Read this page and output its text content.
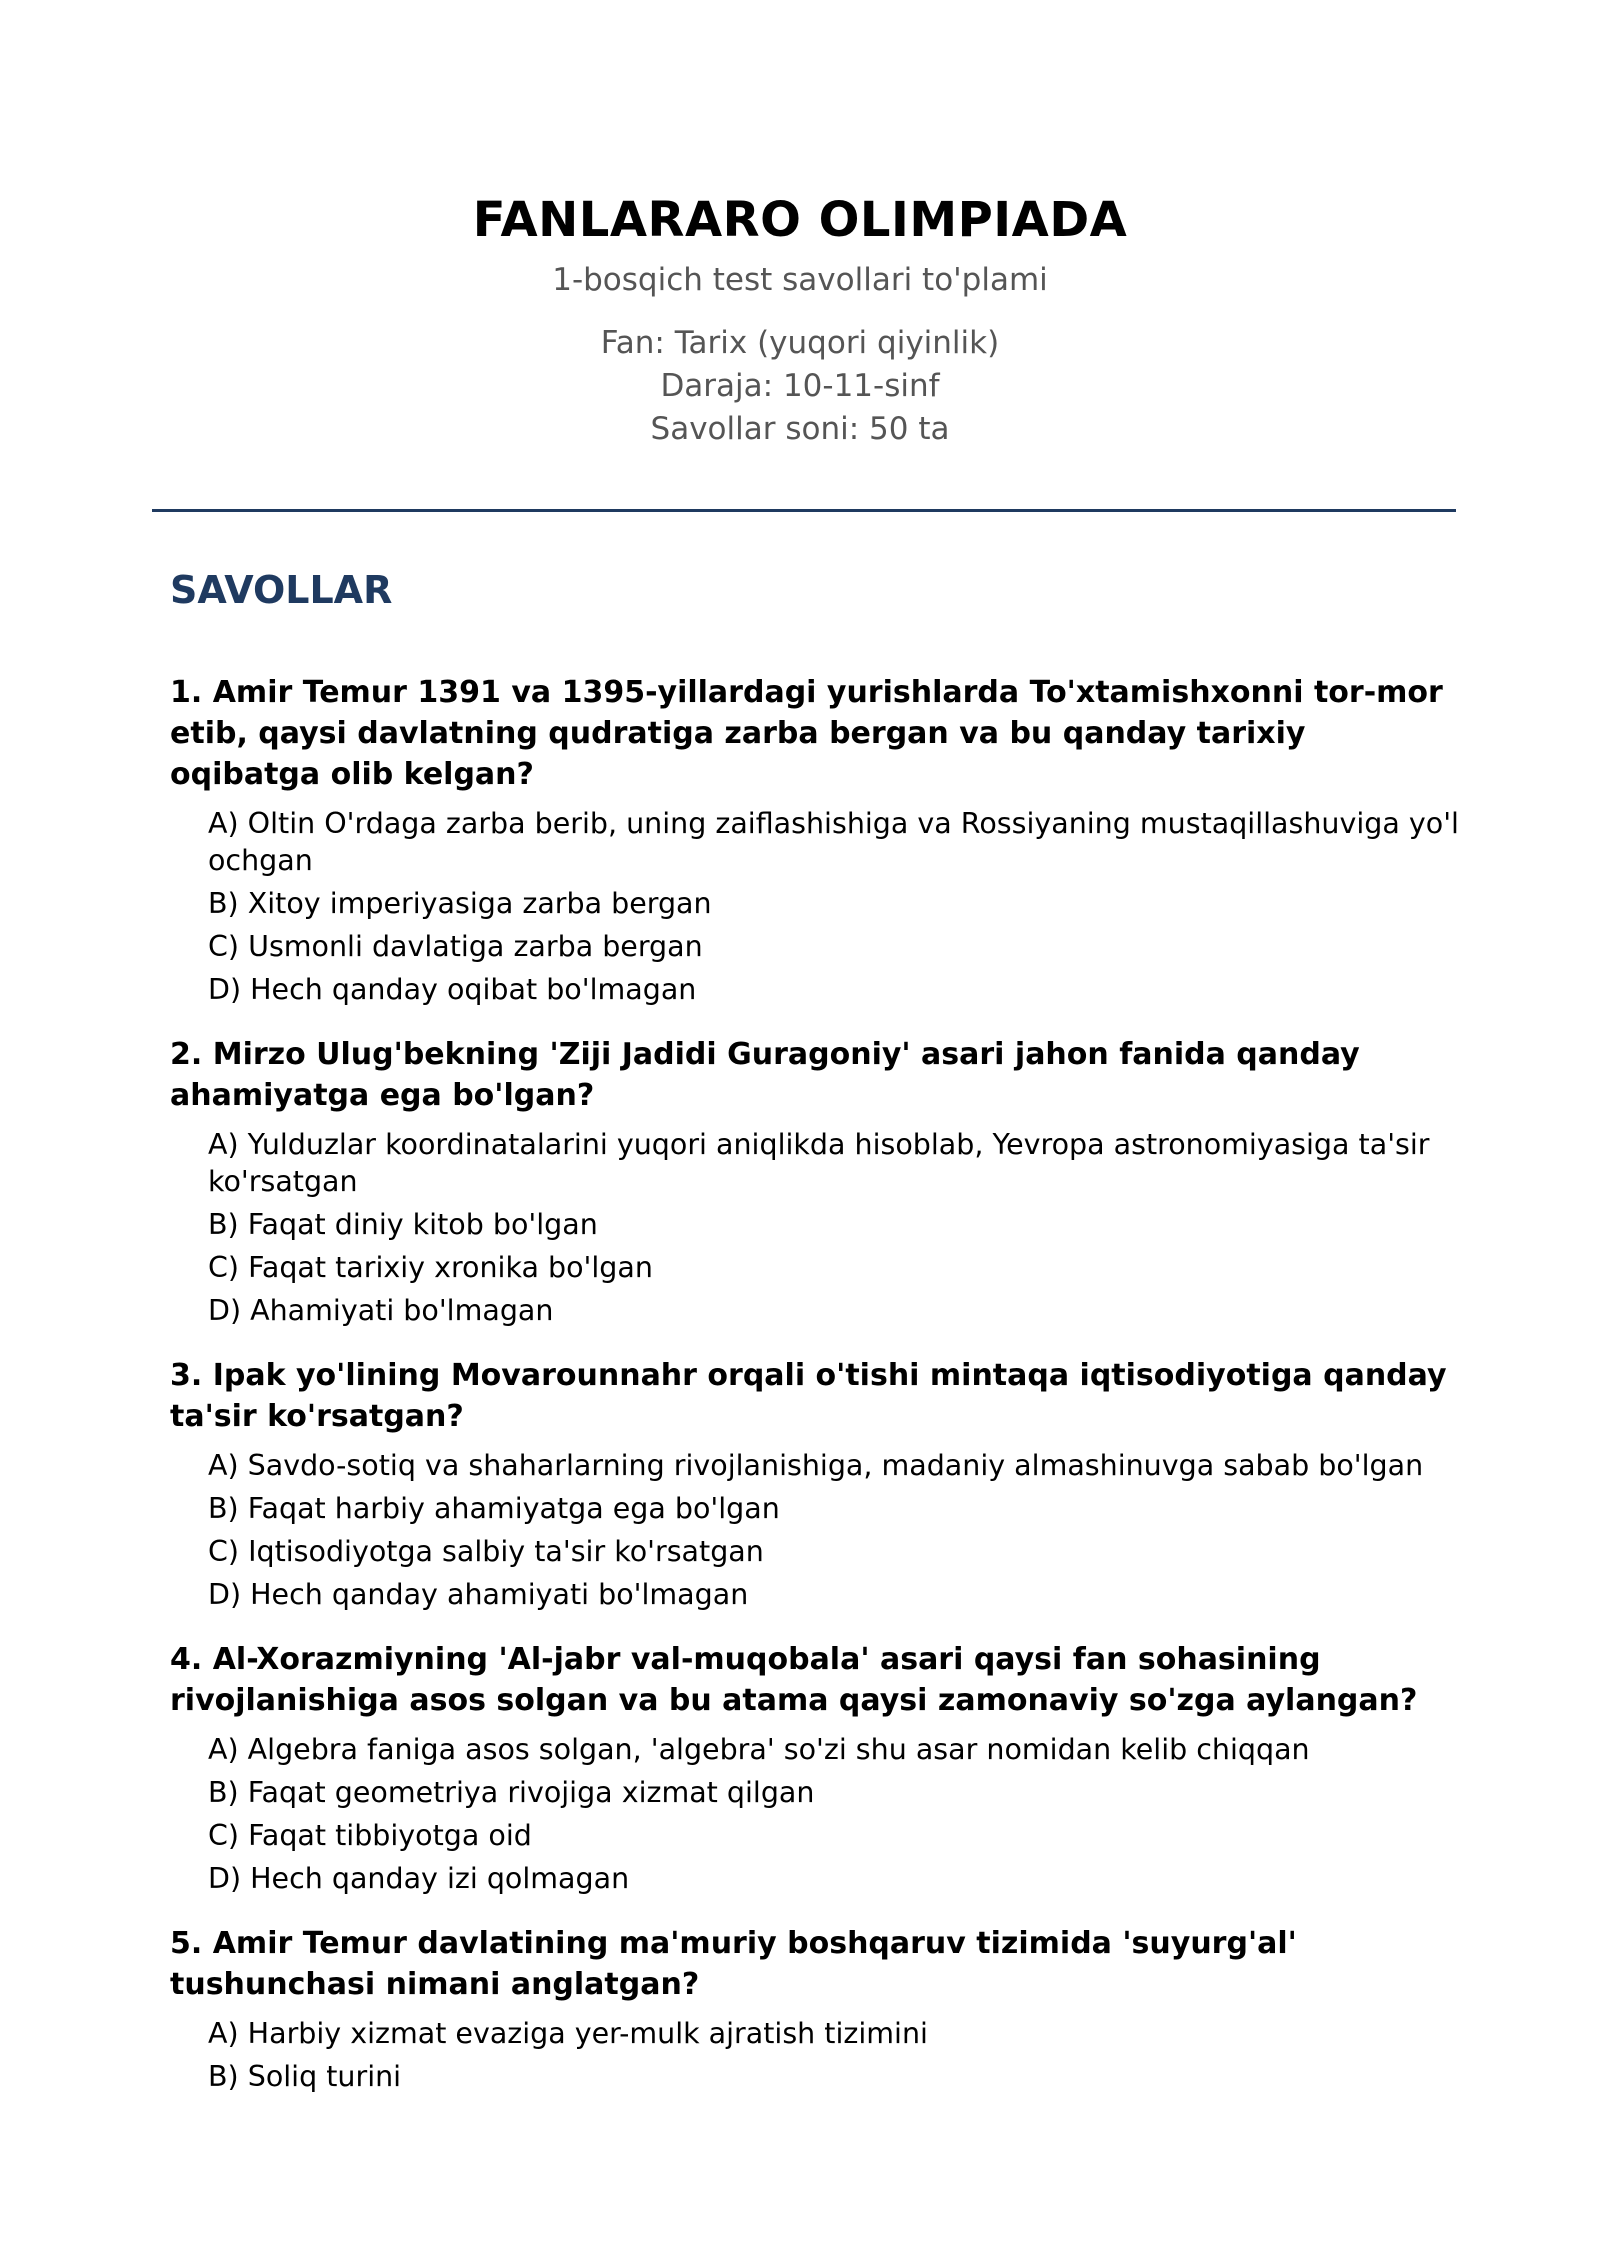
FANLARARO OLIMPIADA
1-bosqich test savollari to'plami
Fan: Tarix (yuqori qiyinlik)
Daraja: 10-11-sinf
Savollar soni: 50 ta
SAVOLLAR

1. Amir Temur 1391 va 1395-yillardagi yurishlarda To'xtamishxonni tor-mor etib, qaysi davlatning qudratiga zarba bergan va bu qanday tarixiy oqibatga olib kelgan?

A) Oltin O'rdaga zarba berib, uning zaiflashishiga va Rossiyaning mustaqillashuviga yo'l ochgan

B) Xitoy imperiyasiga zarba bergan

C) Usmonli davlatiga zarba bergan

D) Hech qanday oqibat bo'lmagan

2. Mirzo Ulug'bekning 'Ziji Jadidi Guragoniy' asari jahon fanida qanday ahamiyatga ega bo'lgan?

A) Yulduzlar koordinatalarini yuqori aniqlikda hisoblab, Yevropa astronomiyasiga ta'sir ko'rsatgan

B) Faqat diniy kitob bo'lgan

C) Faqat tarixiy xronika bo'lgan

D) Ahamiyati bo'lmagan

3. Ipak yo'lining Movarounnahr orqali o'tishi mintaqa iqtisodiyotiga qanday ta'sir ko'rsatgan?

A) Savdo-sotiq va shaharlarning rivojlanishiga, madaniy almashinuvga sabab bo'lgan

B) Faqat harbiy ahamiyatga ega bo'lgan

C) Iqtisodiyotga salbiy ta'sir ko'rsatgan

D) Hech qanday ahamiyati bo'lmagan

4. Al-Xorazmiyning 'Al-jabr val-muqobala' asari qaysi fan sohasining rivojlanishiga asos solgan va bu atama qaysi zamonaviy so'zga aylangan?

A) Algebra faniga asos solgan, 'algebra' so'zi shu asar nomidan kelib chiqqan

B) Faqat geometriya rivojiga xizmat qilgan

C) Faqat tibbiyotga oid

D) Hech qanday izi qolmagan

5. Amir Temur davlatining ma'muriy boshqaruv tizimida 'suyurg'al' tushunchasi nimani anglatgan?

A) Harbiy xizmat evaziga yer-mulk ajratish tizimini

B) Soliq turini
